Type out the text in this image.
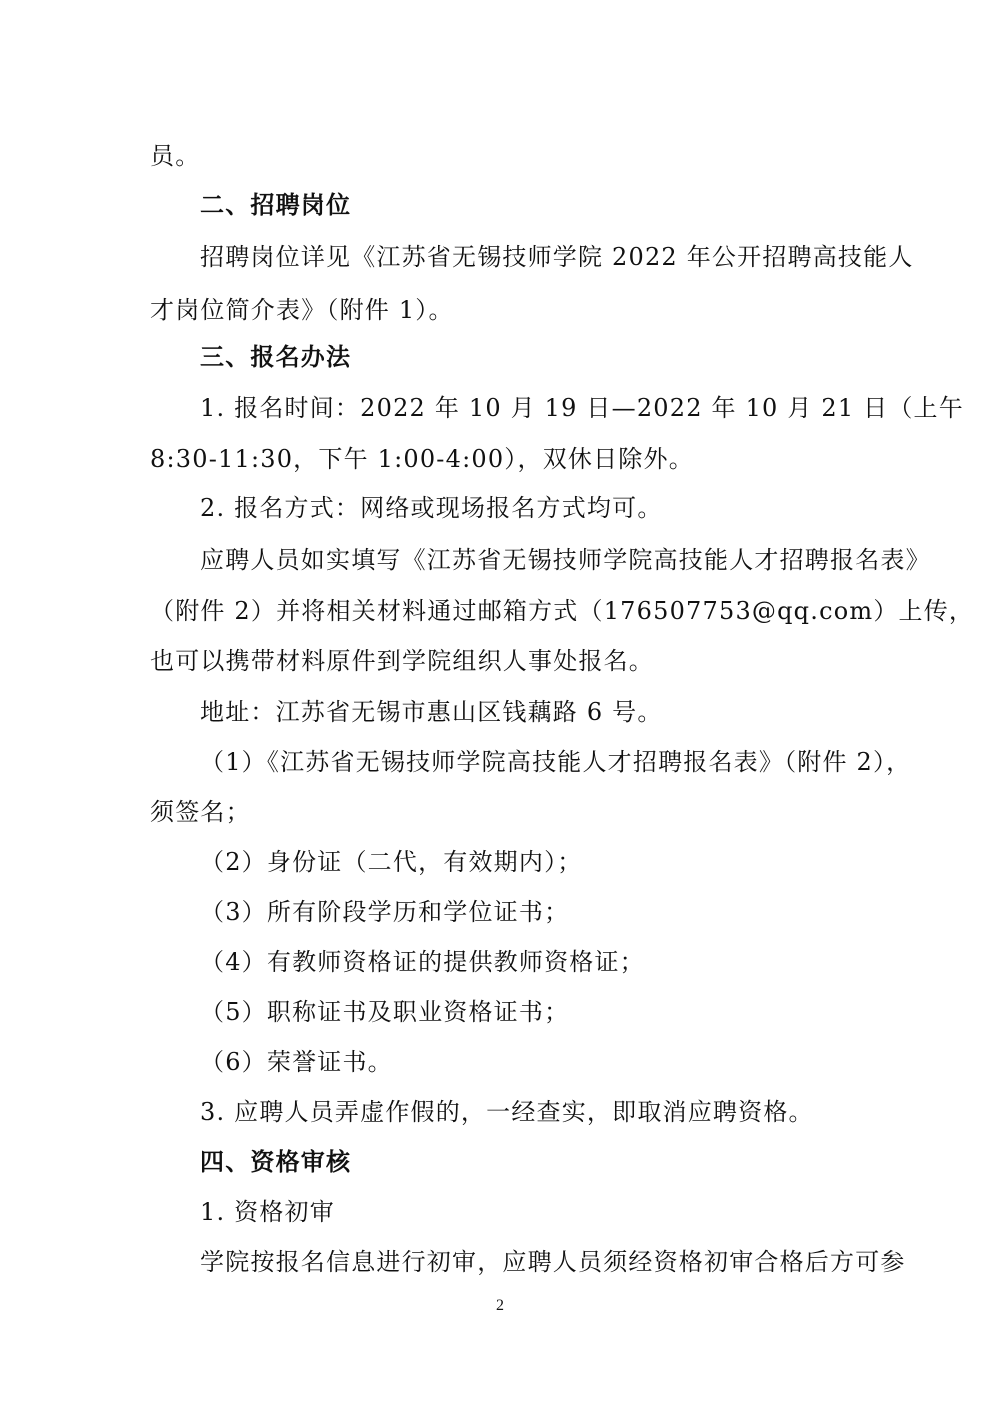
员。
二、招聘岗位
招聘岗位详见《江苏省无锡技师学院 2022 年公开招聘高技能人
才岗位简介表》（附件 1）。
三、报名办法
1. 报名时间：2022 年 10 月 19 日—2022 年 10 月 21 日（上午
8:30-11:30，下午 1:00-4:00），双休日除外。
2. 报名方式：网络或现场报名方式均可。
应聘人员如实填写《江苏省无锡技师学院高技能人才招聘报名表》
（附件 2）并将相关材料通过邮箱方式（176507753@qq.com）上传，
也可以携带材料原件到学院组织人事处报名。
地址：江苏省无锡市惠山区钱藕路 6 号。
（1）《江苏省无锡技师学院高技能人才招聘报名表》（附件 2），
须签名；
（2）身份证（二代，有效期内）；
（3）所有阶段学历和学位证书；
（4）有教师资格证的提供教师资格证；
（5）职称证书及职业资格证书；
（6）荣誉证书。
3. 应聘人员弄虚作假的，一经查实，即取消应聘资格。
四、资格审核
1. 资格初审
学院按报名信息进行初审，应聘人员须经资格初审合格后方可参
2
